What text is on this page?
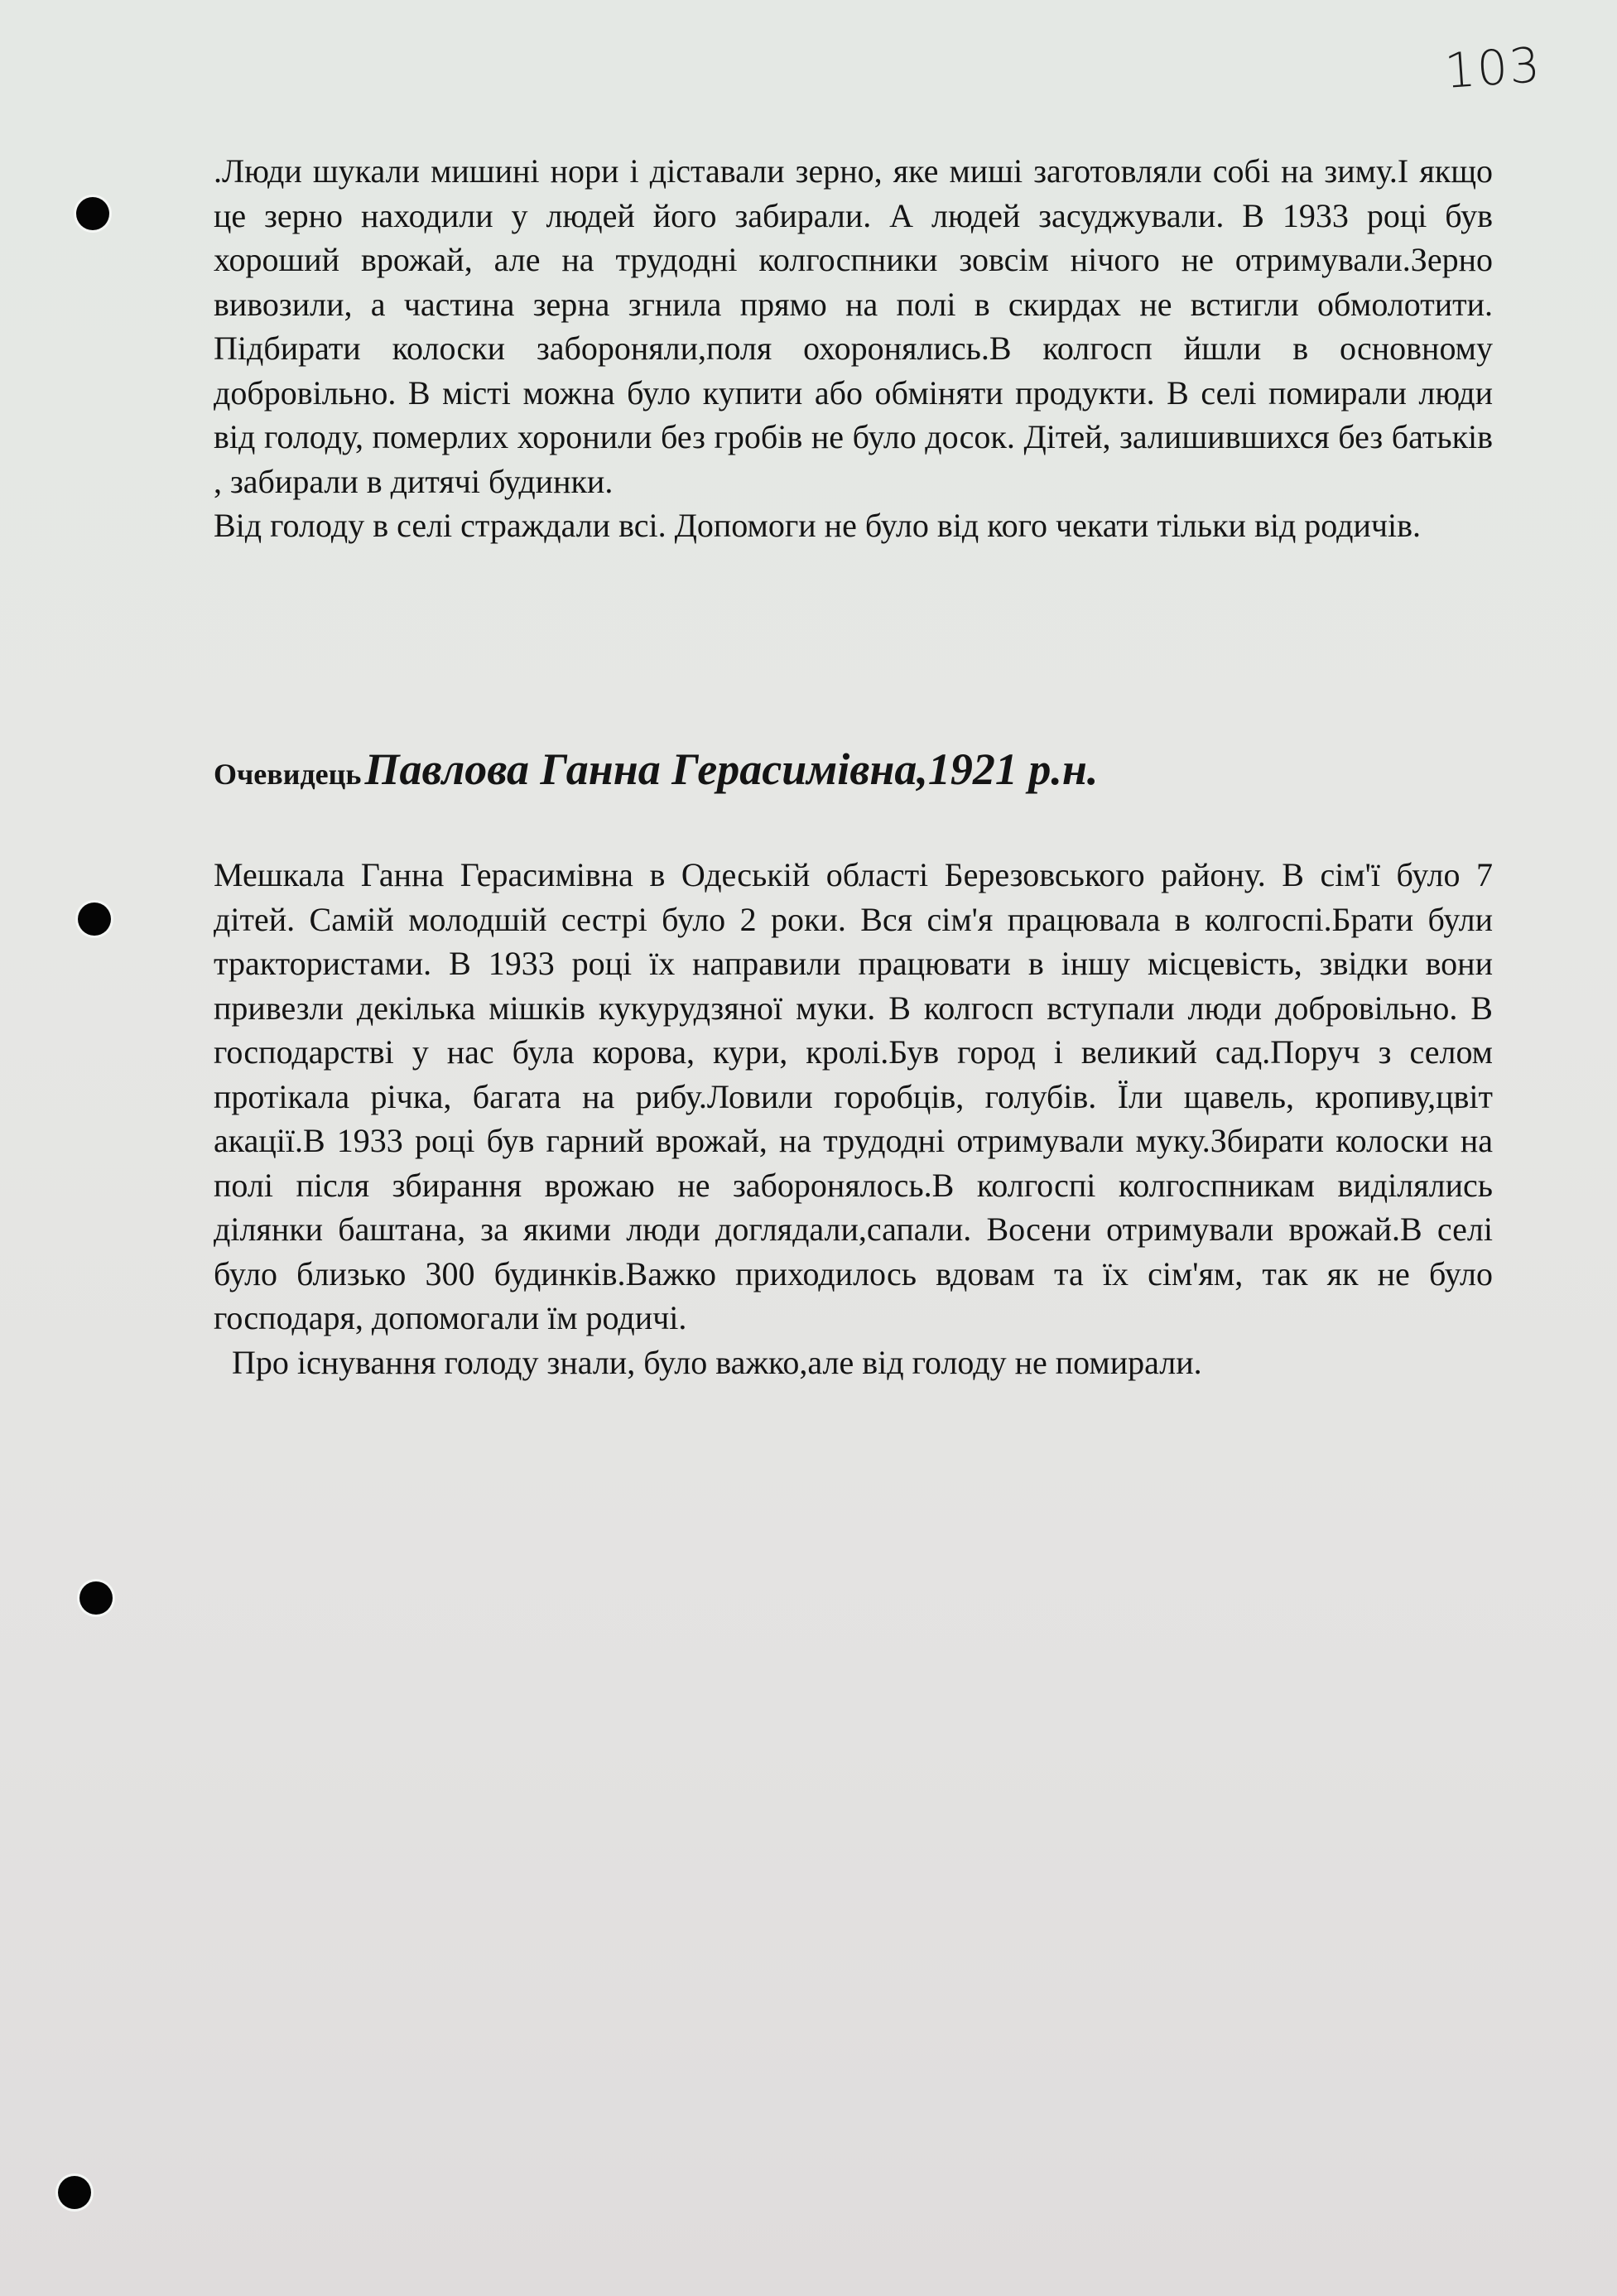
103

.Люди шукали мишині нори і діставали зерно, яке миші заготовляли собі на зиму.І якщо це зерно находили у людей його забирали. А людей засуджували. В 1933 році був хороший врожай, але на трудодні колгоспники зовсім нічого не отримували.Зерно вивозили, а частина зерна згнила прямо на полі в скирдах не встигли обмолотити. Підбирати колоски забороняли,поля охоронялись.В колгосп йшли в основному добровільно. В місті можна було купити або обміняти продукти. В селі помирали люди від голоду, померлих хоронили без гробів не було досок. Дітей, залишившихся без батьків , забирали в дитячі будинки.

Від голоду в селі страждали всі. Допомоги не було від кого чекати тільки від родичів.

Очевидець Павлова Ганна Герасимівна,1921 р.н.

Мешкала Ганна Герасимівна в Одеській області Березовського району. В сім'ї було 7 дітей. Самій молодшій сестрі було 2 роки. Вся сім'я працювала в колгоспі.Брати були трактористами. В 1933 році їх направили працювати в іншу місцевість, звідки вони привезли декілька мішків кукурудзяної муки. В колгосп вступали люди добровільно. В господарстві у нас була корова, кури, кролі.Був город і великий сад.Поруч з селом протікала річка, багата на рибу.Ловили горобців, голубів. Їли щавель, кропиву,цвіт акації.В 1933 році був гарний врожай, на трудодні отримували муку.Збирати колоски на полі після збирання врожаю не заборонялось.В колгоспі колгоспникам виділялись ділянки баштана, за якими люди доглядали,сапали. Восени отримували врожай.В селі було близько 300 будинків.Важко приходилось вдовам та їх сім'ям, так як не було господаря, допомогали їм родичі.

Про існування голоду знали, було важко,але від голоду не помирали.
